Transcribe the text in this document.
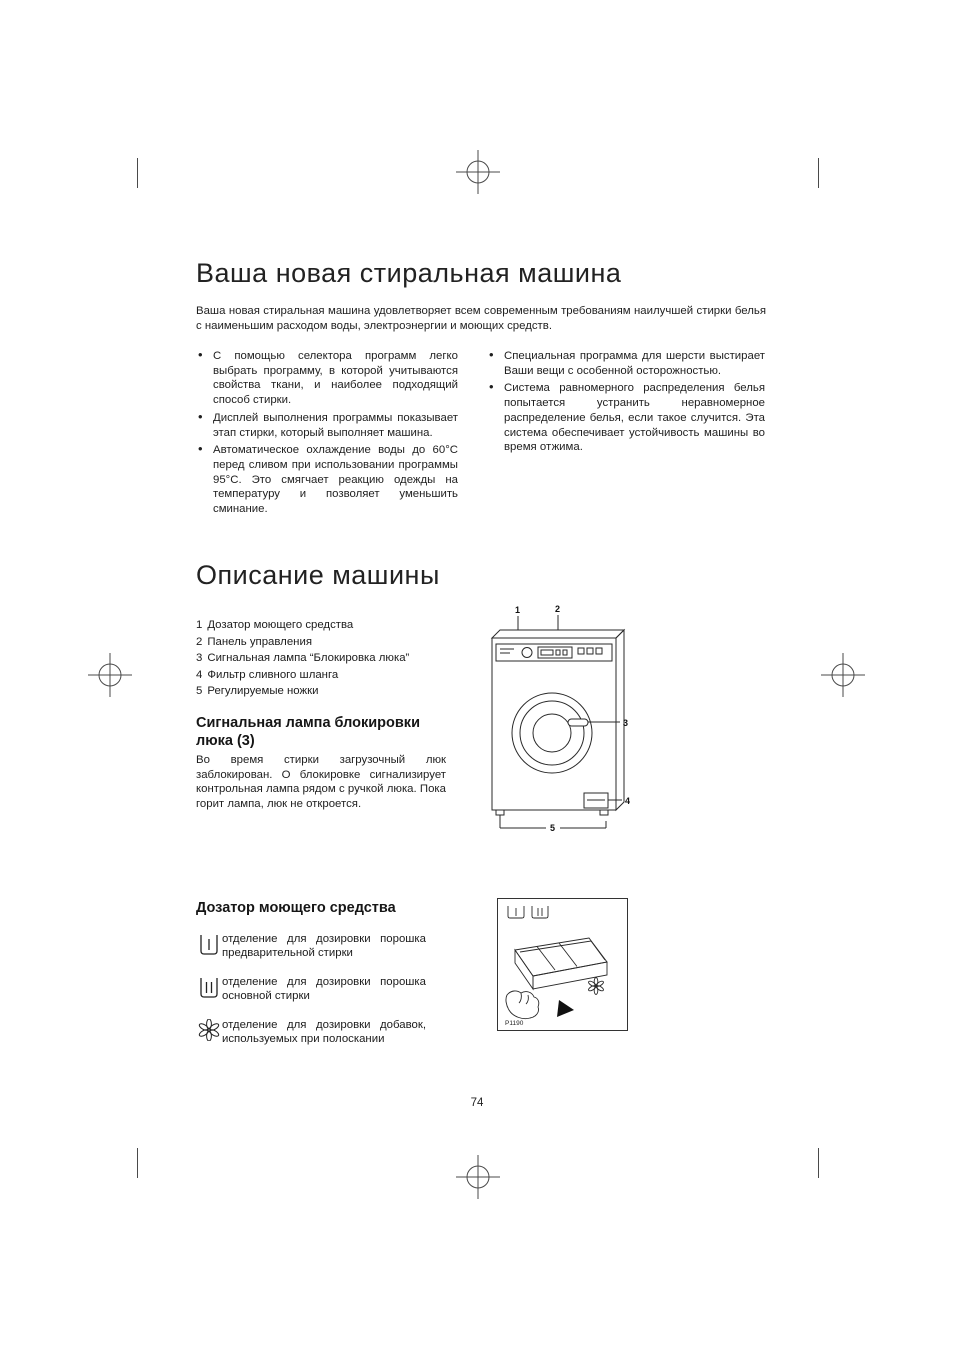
Ваша новая стиральная машина
Ваша новая стиральная машина удовлетворяет всем современным требованиям наилучшей стирки белья с наименьшим расходом воды, электроэнергии и моющих средств.
• С помощью селектора программ легко выбрать программу, в которой учитываются свойства ткани, и наиболее подходящий способ стирки.
• Дисплей выполнения программы показывает этап стирки, который выполняет машина.
• Автоматическое охлаждение воды до 60°C перед сливом при использовании программы 95°C. Это смягчает реакцию одежды на температуру и позволяет уменьшить сминание.
• Специальная программа для шерсти выстирает Ваши вещи с особенной осторожностью.
• Система равномерного распределения белья попытается устранить неравномерное распределение белья, если такое случится. Эта система обеспечивает устойчивость машины во время отжима.
Описание машины
1 Дозатор моющего средства
2 Панель управления
3 Сигнальная лампа “Блокировка люка”
4 Фильтр сливного шланга
5 Регулируемые ножки
1	2
3
4
5
Сигнальная лампа блокировки люка (3)
Во время стирки загрузочный люк заблокирован. О блокировке сигнализирует контрольная лампа рядом с ручкой люка. Пока горит лампа, люк не откроется.
Дозатор моющего средства
отделение для дозировки порошка предварительной стирки
отделение для дозировки порошка основной стирки
отделение для дозировки добавок, используемых при полоскании
P1190
74
